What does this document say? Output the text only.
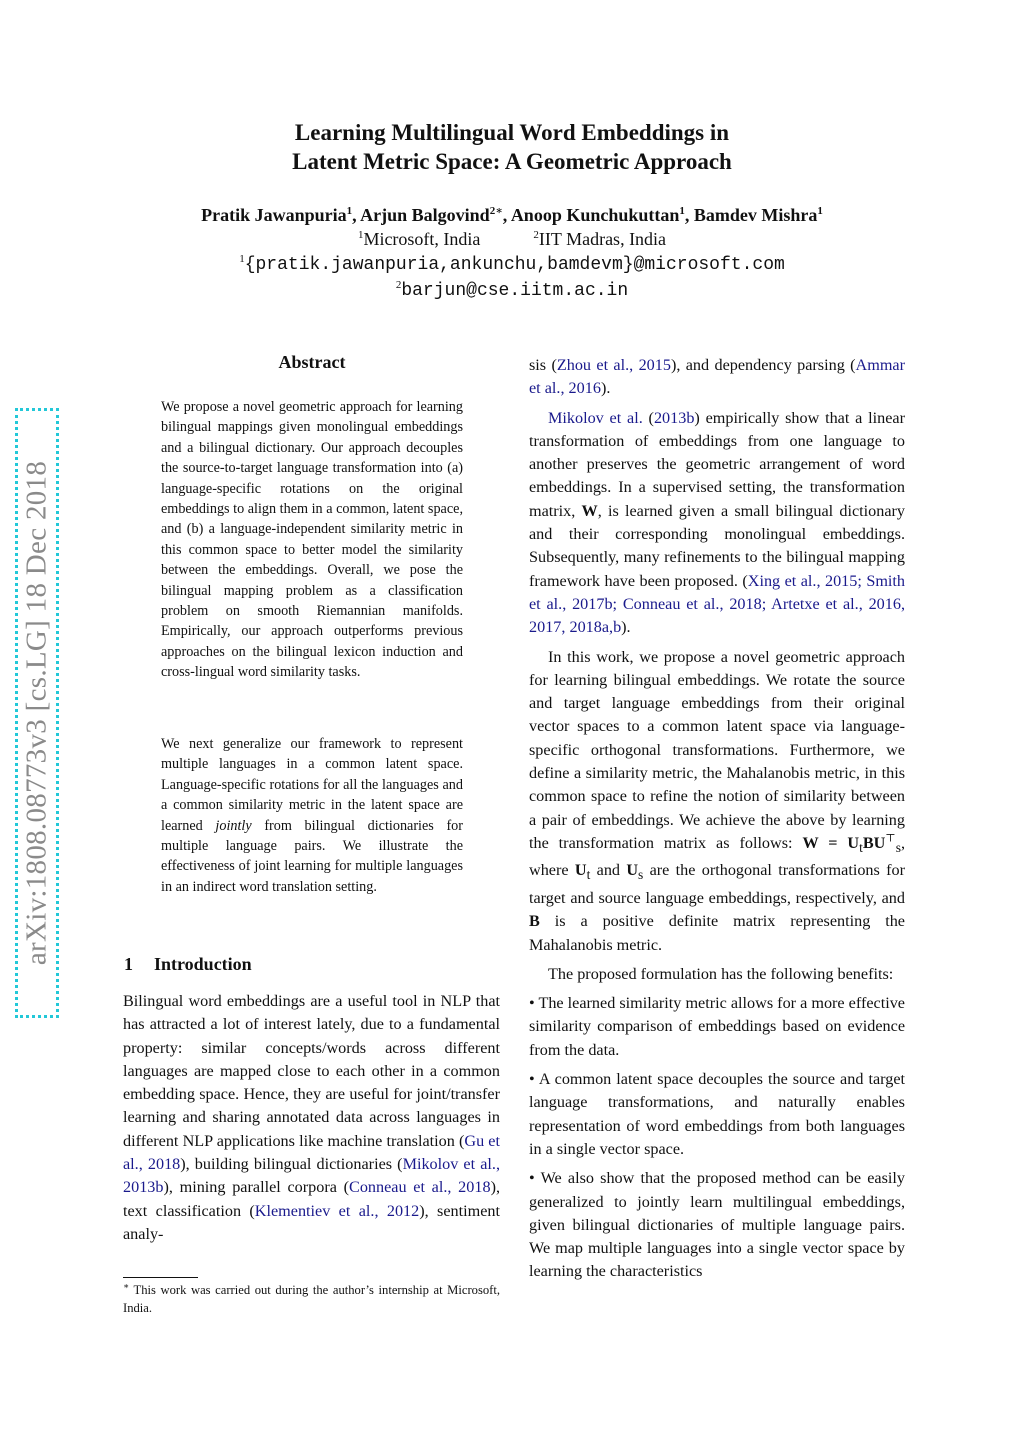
arXiv:1808.08773v3 [cs.LG] 18 Dec 2018
Learning Multilingual Word Embeddings in
Latent Metric Space: A Geometric Approach
Pratik Jawanpuria$^1$, Arjun Balgovind$^{2∗}$, Anoop Kunchukuttan$^1$, Bamdev Mishra$^1$
$^1$Microsoft, India	$^2$IIT Madras, India
$^1${pratik.jawanpuria,ankunchu,bamdevm}@microsoft.com
$^2$barjun@cse.iitm.ac.in
Abstract
We propose a novel geometric approach for learning bilingual mappings given monolingual embeddings and a bilingual dictionary. Our approach decouples the source-to-target language transformation into (a) language-specific rotations on the original embeddings to align them in a common, latent space, and (b) a language-independent similarity metric in this common space to better model the similarity between the embeddings. Overall, we pose the bilingual mapping problem as a classification problem on smooth Riemannian manifolds. Empirically, our approach outperforms previous approaches on the bilingual lexicon induction and cross-lingual word similarity tasks.
We next generalize our framework to represent multiple languages in a common latent space. Language-specific rotations for all the languages and a common similarity metric in the latent space are learned jointly from bilingual dictionaries for multiple language pairs. We illustrate the effectiveness of joint learning for multiple languages in an indirect word translation setting.
1 Introduction

Bilingual word embeddings are a useful tool in NLP that has attracted a lot of interest lately, due to a fundamental property: similar concepts/words across different languages are mapped close to each other in a common embedding space. Hence, they are useful for joint/transfer learning and sharing annotated data across languages in different NLP applications like machine translation (Gu et al., 2018), building bilingual dictionaries (Mikolov et al., 2013b), mining parallel corpora (Conneau et al., 2018), text classification (Klementiev et al., 2012), sentiment analy-

∗ This work was carried out during the author’s internship at Microsoft, India.

sis (Zhou et al., 2015), and dependency parsing (Ammar et al., 2016).

Mikolov et al. (2013b) empirically show that a linear transformation of embeddings from one language to another preserves the geometric arrangement of word embeddings. In a supervised setting, the transformation matrix, W, is learned given a small bilingual dictionary and their corresponding monolingual embeddings. Subsequently, many refinements to the bilingual mapping framework have been proposed. (Xing et al., 2015; Smith et al., 2017b; Conneau et al., 2018; Artetxe et al., 2016, 2017, 2018a,b).

In this work, we propose a novel geometric approach for learning bilingual embeddings. We rotate the source and target language embeddings from their original vector spaces to a common latent space via language-specific orthogonal transformations. Furthermore, we define a similarity metric, the Mahalanobis metric, in this common space to refine the notion of similarity between a pair of embeddings. We achieve the above by learning the transformation matrix as follows: $W = U_tBU^⊤_s$, where $U_t$ and $U_s$ are the orthogonal transformations for target and source language embeddings, respectively, and B is a positive definite matrix representing the Mahalanobis metric.

The proposed formulation has the following benefits:

• The learned similarity metric allows for a more effective similarity comparison of embeddings based on evidence from the data.

• A common latent space decouples the source and target language transformations, and naturally enables representation of word embeddings from both languages in a single vector space.

• We also show that the proposed method can be easily generalized to jointly learn multilingual embeddings, given bilingual dictionaries of multiple language pairs. We map multiple languages into a single vector space by learning the characteristics
